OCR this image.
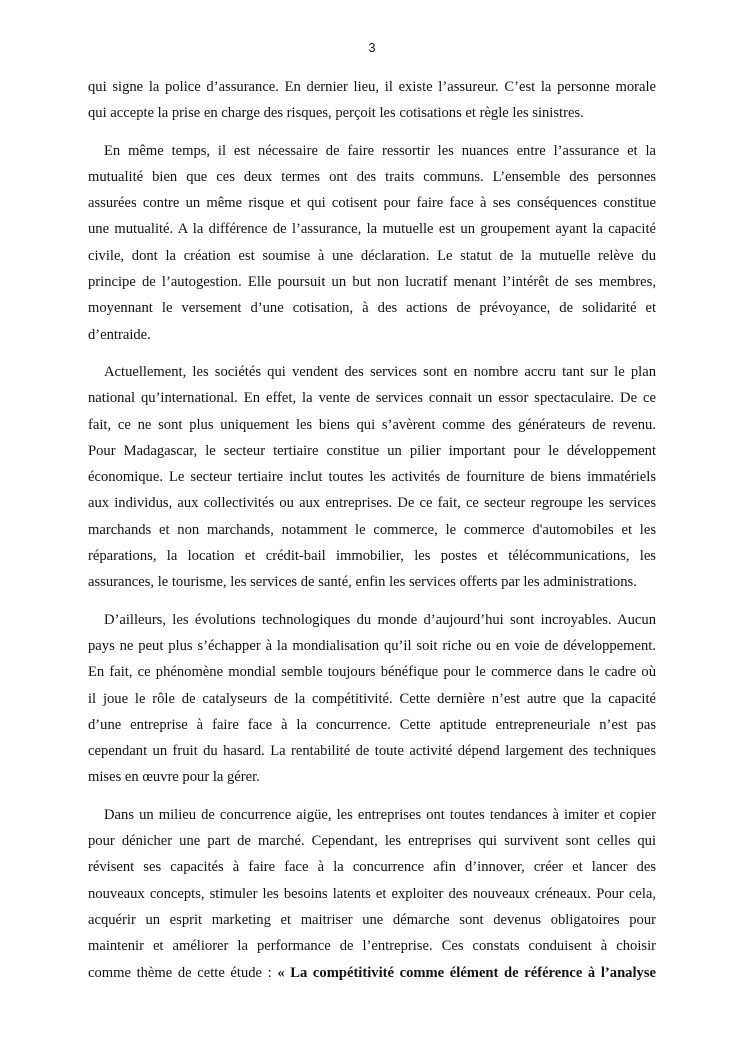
3
qui signe la police d’assurance. En dernier lieu, il existe l’assureur. C’est la personne morale
qui accepte la prise en charge des risques, perçoit les cotisations et règle les sinistres.
En même temps, il est nécessaire de faire ressortir les nuances entre l’assurance et la
mutualité bien que ces deux termes ont des traits communs. L’ensemble des personnes
assurées contre un même risque et qui cotisent pour faire face à ses conséquences constitue
une mutualité. A la différence de l’assurance, la mutuelle est un groupement ayant la capacité
civile, dont la création est soumise à une déclaration. Le statut de la mutuelle relève du
principe de l’autogestion. Elle poursuit un but non lucratif menant l’intérêt de ses membres,
moyennant le versement d’une cotisation, à des actions de prévoyance, de solidarité et
d’entraide.
Actuellement, les sociétés qui vendent des services sont en nombre accru tant sur le plan
national qu’international. En effet, la vente de services connait un essor spectaculaire. De ce
fait, ce ne sont plus uniquement les biens qui s’avèrent comme des générateurs de revenu.
Pour Madagascar, le secteur tertiaire constitue un pilier important pour le développement
économique. Le secteur tertiaire inclut toutes les activités de fourniture de biens immatériels
aux individus, aux collectivités ou aux entreprises. De ce fait, ce secteur regroupe les services
marchands et non marchands, notamment le commerce, le commerce d'automobiles et les
réparations, la location et crédit-bail immobilier, les postes et télécommunications, les
assurances, le tourisme, les services de santé, enfin les services offerts par les administrations.
D’ailleurs, les évolutions technologiques du monde d’aujourd’hui sont incroyables. Aucun
pays ne peut plus s’échapper à la mondialisation qu’il soit riche ou en voie de développement.
En fait, ce phénomène mondial semble toujours bénéfique pour le commerce dans le cadre où
il joue le rôle de catalyseurs de la compétitivité. Cette dernière n’est autre que la capacité
d’une entreprise à faire face à la concurrence. Cette aptitude entrepreneuriale n’est pas
cependant un fruit du hasard. La rentabilité de toute activité dépend largement des techniques
mises en œuvre pour la gérer.
Dans un milieu de concurrence aigüe, les entreprises ont toutes tendances à imiter et copier
pour dénicher une part de marché. Cependant, les entreprises qui survivent sont celles qui
révisent ses capacités à faire face à la concurrence afin d’innover, créer et lancer des
nouveaux concepts, stimuler les besoins latents et exploiter des nouveaux créneaux. Pour cela,
acquérir un esprit marketing et maitriser une démarche sont devenus obligatoires pour
maintenir et améliorer la performance de l’entreprise. Ces constats conduisent à choisir
comme thème de cette étude : « La compétitivité comme élément de référence à l’analyse
